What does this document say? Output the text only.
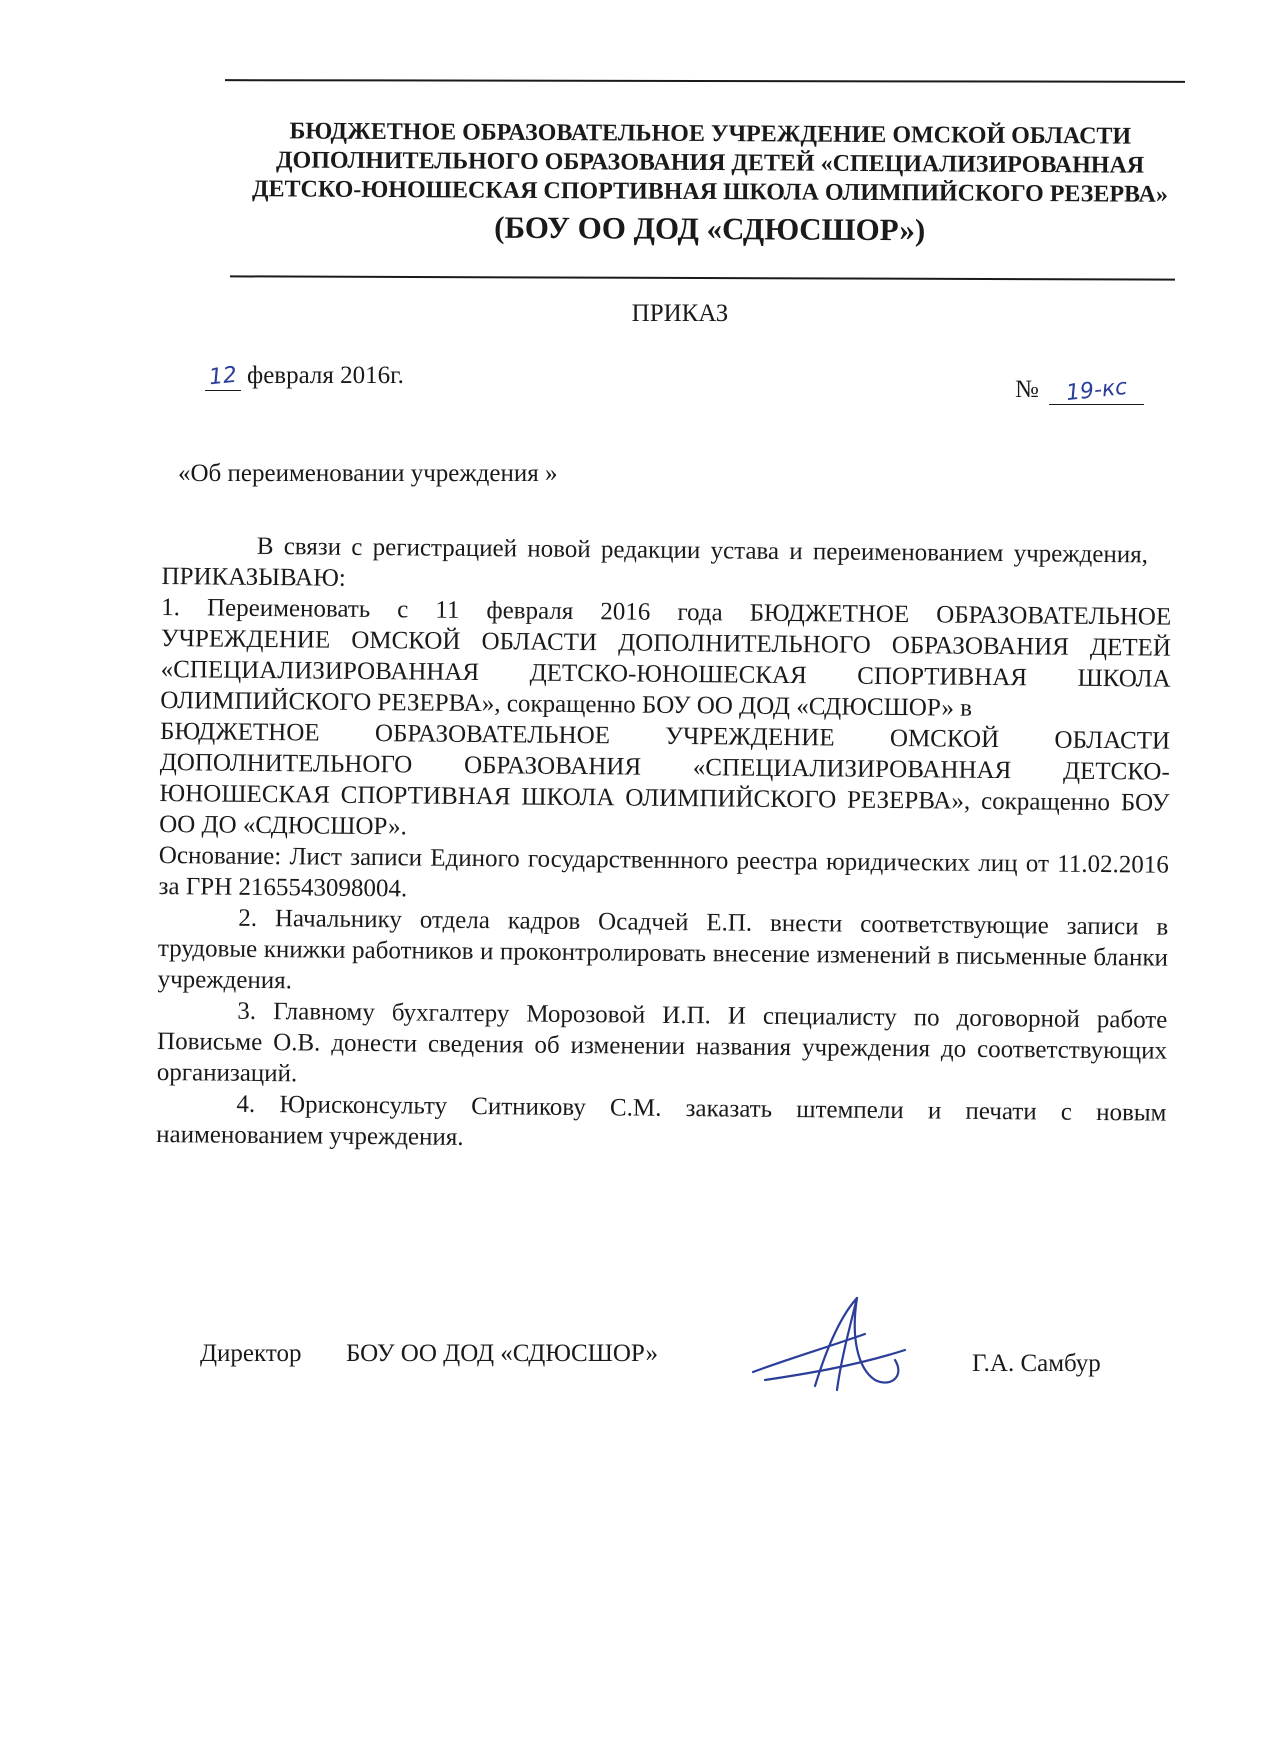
БЮДЖЕТНОЕ ОБРАЗОВАТЕЛЬНОЕ УЧРЕЖДЕНИЕ ОМСКОЙ ОБЛАСТИ
ДОПОЛНИТЕЛЬНОГО ОБРАЗОВАНИЯ ДЕТЕЙ «СПЕЦИАЛИЗИРОВАННАЯ
ДЕТСКО-ЮНОШЕСКАЯ СПОРТИВНАЯ ШКОЛА ОЛИМПИЙСКОГО РЕЗЕРВА»
(БОУ ОО ДОД «СДЮСШОР»)
ПРИКАЗ
12 февраля 2016г.
№ 19-кс
«Об переименовании учреждения »

В связи с регистрацией новой редакции устава и переименованием учреждения,

ПРИКАЗЫВАЮ:

1. Переименовать с 11 февраля 2016 года БЮДЖЕТНОЕ ОБРАЗОВАТЕЛЬНОЕ УЧРЕЖДЕНИЕ ОМСКОЙ ОБЛАСТИ ДОПОЛНИТЕЛЬНОГО ОБРАЗОВАНИЯ ДЕТЕЙ «СПЕЦИАЛИЗИРОВАННАЯ ДЕТСКО-ЮНОШЕСКАЯ СПОРТИВНАЯ ШКОЛА ОЛИМПИЙСКОГО РЕЗЕРВА», сокращенно БОУ ОО ДОД «СДЮСШОР» в

БЮДЖЕТНОЕ ОБРАЗОВАТЕЛЬНОЕ УЧРЕЖДЕНИЕ ОМСКОЙ ОБЛАСТИ ДОПОЛНИТЕЛЬНОГО ОБРАЗОВАНИЯ «СПЕЦИАЛИЗИРОВАННАЯ ДЕТСКО-ЮНОШЕСКАЯ СПОРТИВНАЯ ШКОЛА ОЛИМПИЙСКОГО РЕЗЕРВА», сокращенно БОУ ОО ДО «СДЮСШОР».

Основание: Лист записи Единого государственнного реестра юридических лиц от 11.02.2016 за ГРН 2165543098004.

2. Начальнику отдела кадров Осадчей Е.П. внести соответствующие записи в трудовые книжки работников и проконтролировать внесение изменений в письменные бланки учреждения.

3. Главному бухгалтеру Морозовой И.П. И специалисту по договорной работе Повисьме О.В. донести сведения об изменении названия учреждения до соответствующих организаций.

4. Юрисконсульту Ситникову С.М. заказать штемпели и печати с новым наименованием учреждения.

Директор БОУ ОО ДОД «СДЮСШОР»	Г.А. Самбур
